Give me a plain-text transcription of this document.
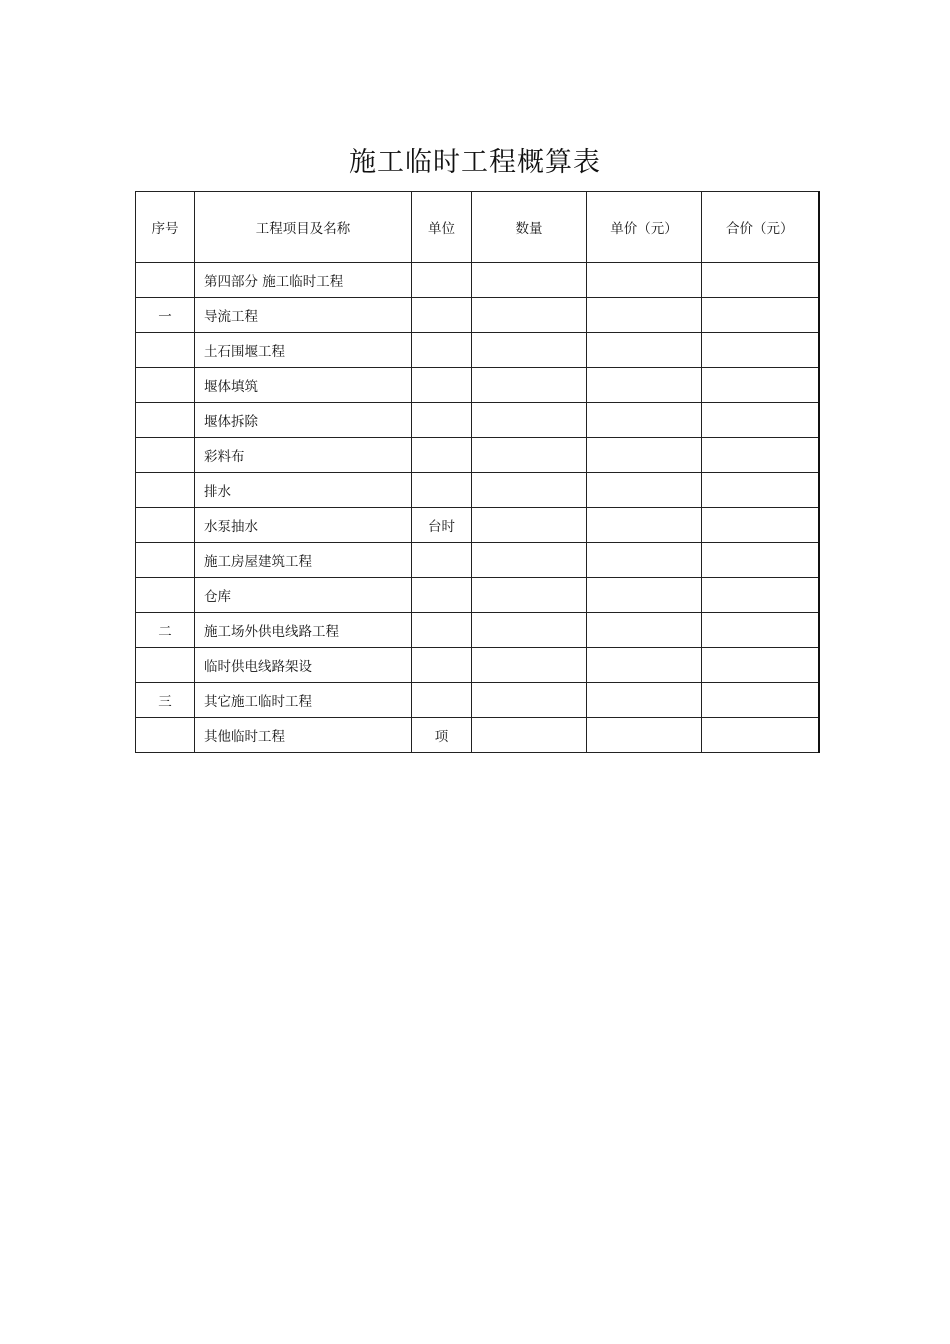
施工临时工程概算表
序号	工程项目及名称	单位	数量	单价（元）	合价（元）
	第四部分 施工临时工程				
一	导流工程				
	土石围堰工程				
	堰体填筑				
	堰体拆除				
	彩料布				
	排水				
	水泵抽水	台时			
	施工房屋建筑工程				
	仓库				
二	施工场外供电线路工程				
	临时供电线路架设				
三	其它施工临时工程				
	其他临时工程	项			
